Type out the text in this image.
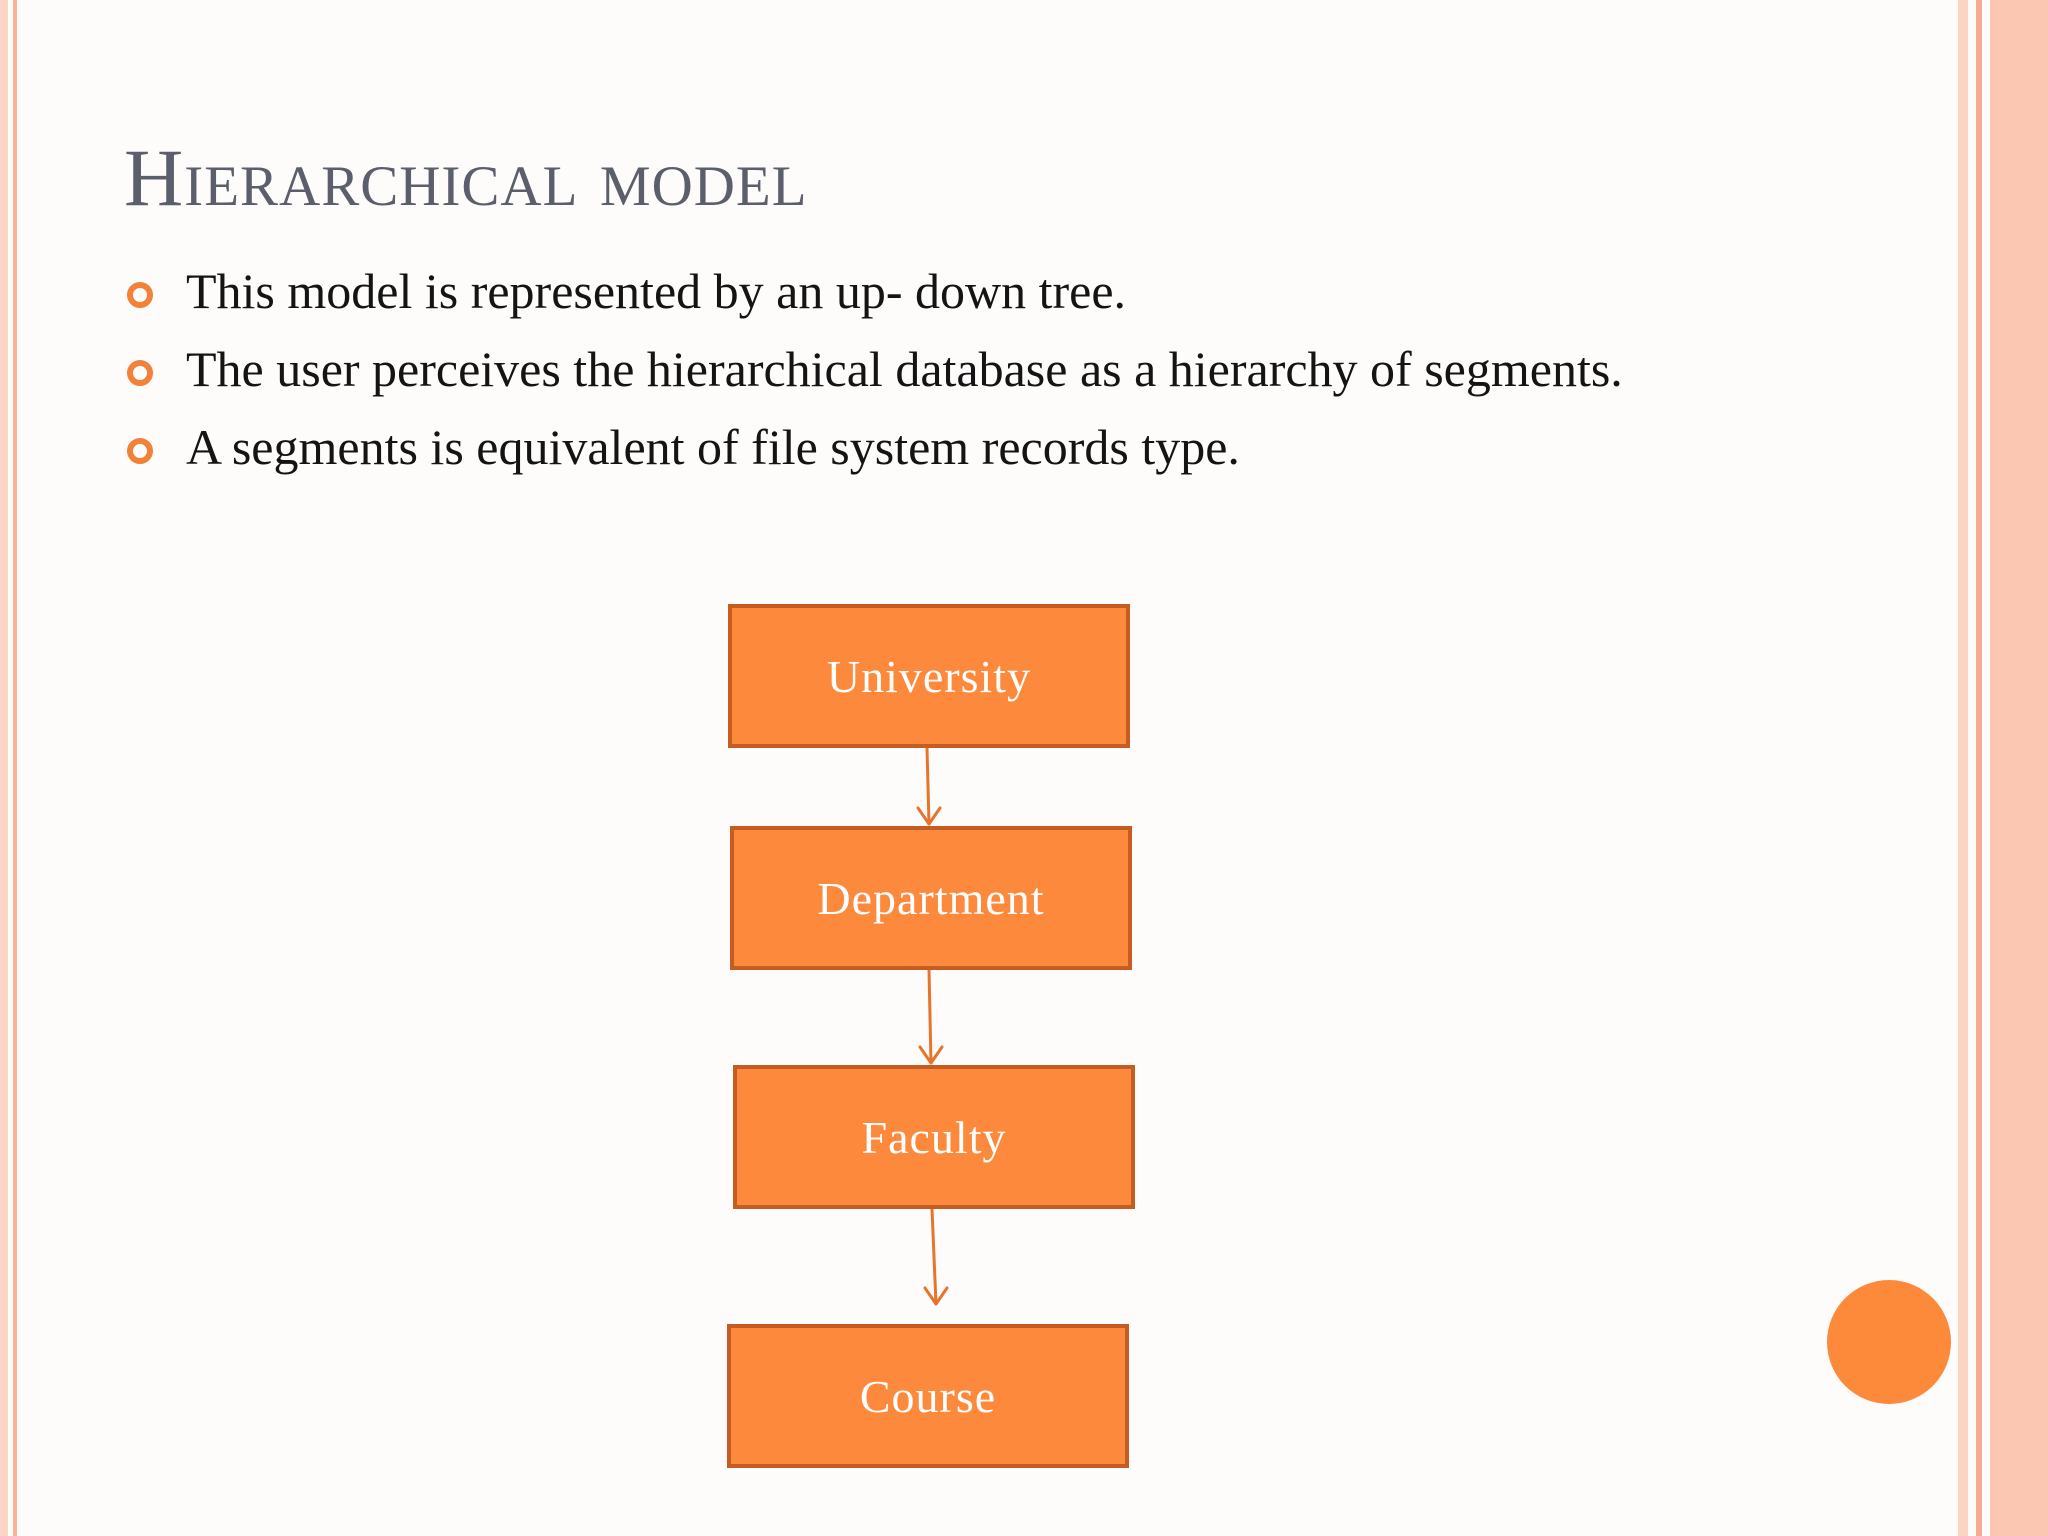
Hierarchical model
This model is represented by an up- down tree.
The user perceives the hierarchical database as a hierarchy of segments.
A segments is equivalent of file system records type.
University
Department
Faculty
Course
